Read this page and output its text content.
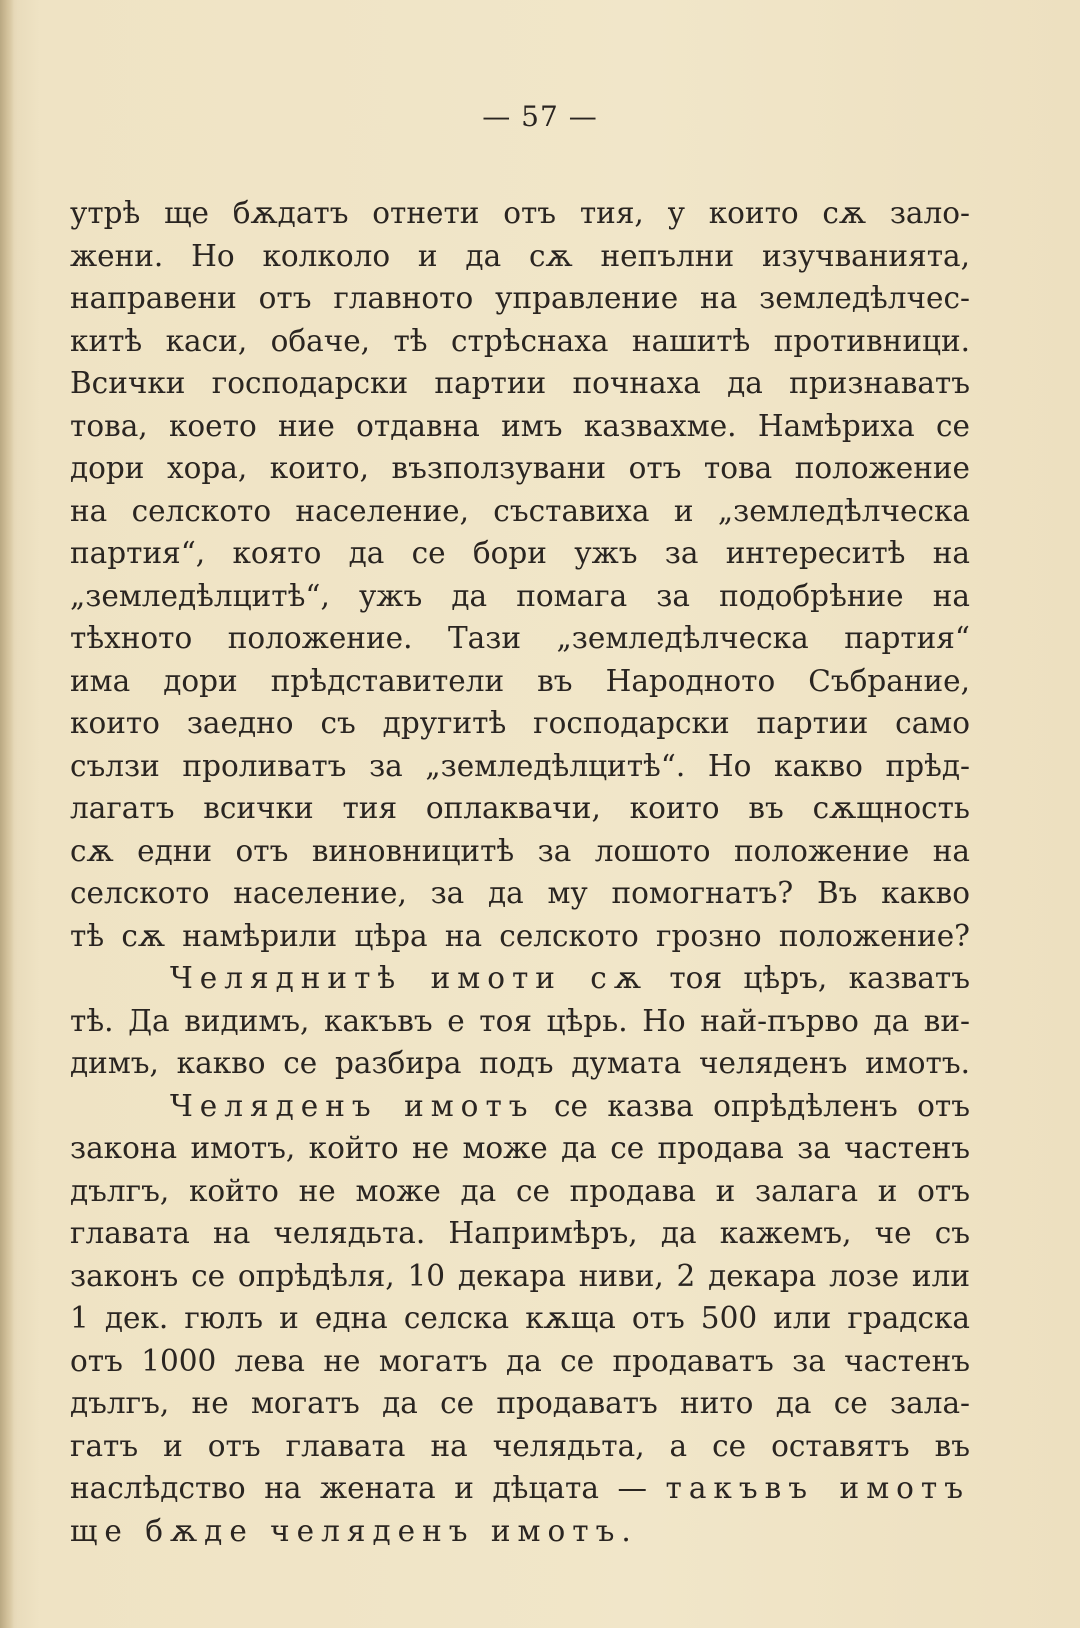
— 57 —
утрѣ ще бѫдатъ отнети отъ тия, у които сѫ зало-
жени. Но колколо и да сѫ непълни изучванията,
направени отъ главното управление на земледѣлчес-
китѣ каси, обаче, тѣ стрѣснаха нашитѣ противници.
Всички господарски партии почнаха да признаватъ
това, което ние отдавна имъ казвахме. Намѣриха се
дори хора, които, възползувани отъ това положение
на селското население, съставиха и „земледѣлческа
партия“, която да се бори ужъ за интереситѣ на
„земледѣлцитѣ“, ужъ да помага за подобрѣние на
тѣхното положение. Тази „земледѣлческа партия“
има дори прѣдставители въ Народното Събрание,
които заедно съ другитѣ господарски партии само
сълзи проливатъ за „земледѣлцитѣ“. Но какво прѣд-
лагатъ всички тия оплаквачи, които въ сѫщность
сѫ едни отъ виновницитѣ за лошото положение на
селското население, за да му помогнатъ? Въ какво
тѣ сѫ намѣрили цѣра на селското грозно положение?
Челяднитѣ имоти сѫ тоя цѣръ, казватъ
тѣ. Да видимъ, какъвъ е тоя цѣрь. Но най-първо да ви-
димъ, какво се разбира подъ думата челяденъ имотъ.
Челяденъ имотъ се казва опрѣдѣленъ отъ
закона имотъ, който не може да се продава за частенъ
дългъ, който не може да се продава и залага и отъ
главата на челядьта. Напримѣръ, да кажемъ, че съ
законъ се опрѣдѣля, 10 декара ниви, 2 декара лозе или
1 дек. гюлъ и една селска кѫща отъ 500 или градска
отъ 1000 лева не могатъ да се продаватъ за частенъ
дългъ, не могатъ да се продаватъ нито да се зала-
гатъ и отъ главата на челядьта, а се оставятъ въ
наслѣдство на жената и дѣцата — такъвъ имотъ
ще бѫде челяденъ имотъ.
